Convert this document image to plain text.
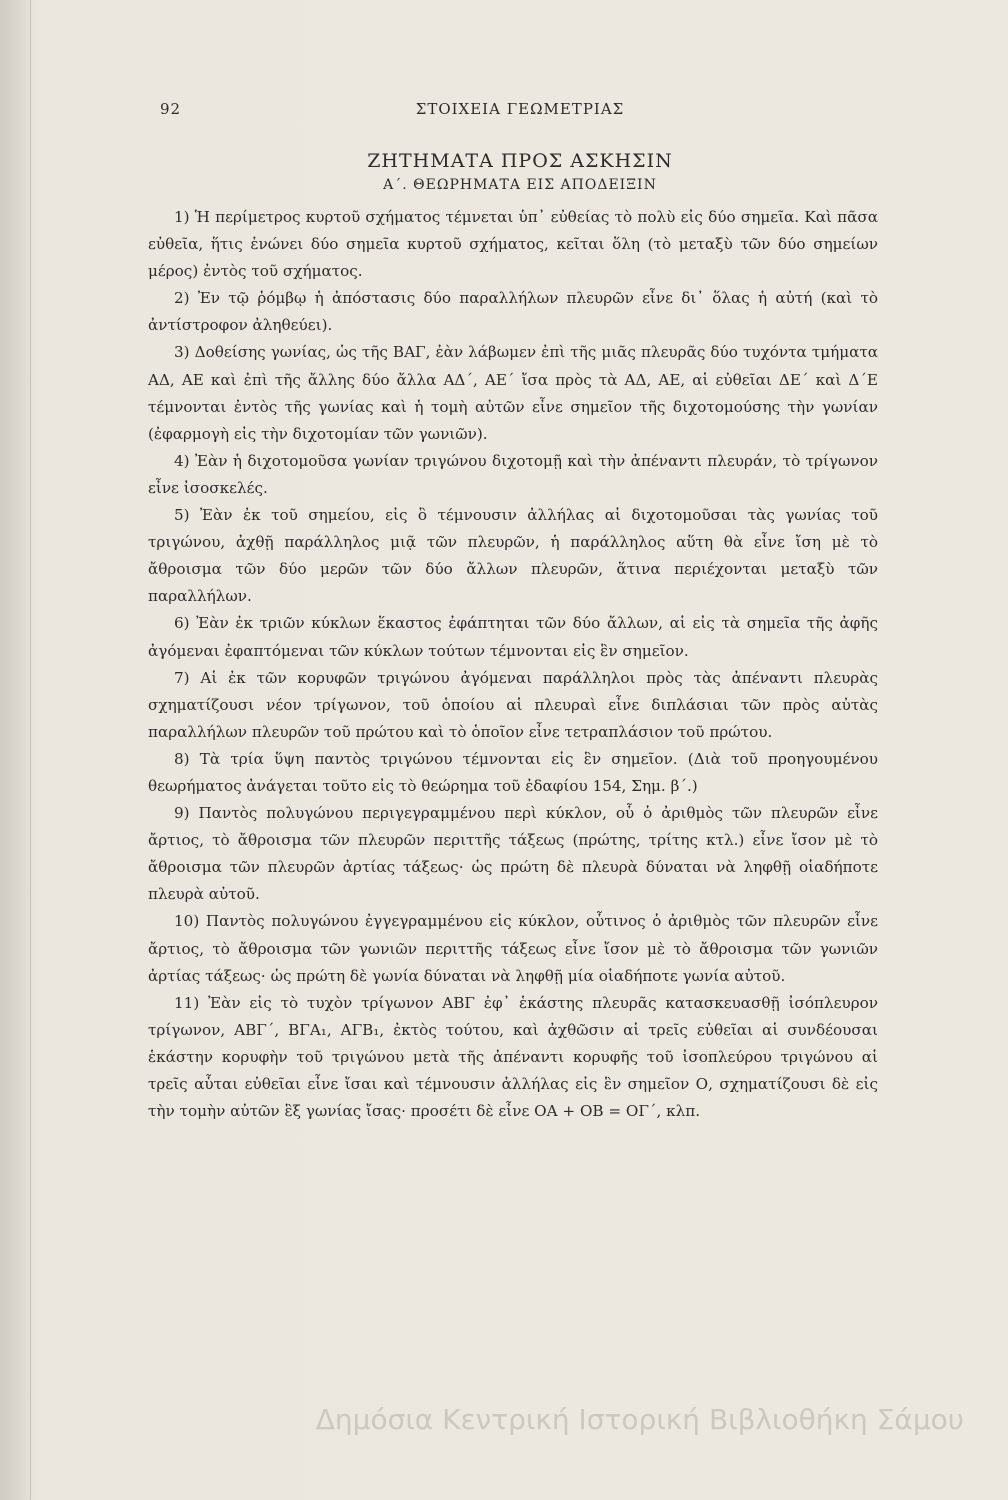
92	ΣΤΟΙΧΕΙΑ ΓΕΩΜΕΤΡΙΑΣ
ΖΗΤΗΜΑΤΑ ΠΡΟΣ ΑΣΚΗΣΙΝ
Α΄. ΘΕΩΡΗΜΑΤΑ ΕΙΣ ΑΠΟΔΕΙΞΙΝ

1) Ἡ περίμετρος κυρτοῦ σχήματος τέμνεται ὑπ᾿ εὐθείας τὸ πολὺ εἰς δύο σημεῖα. Καὶ πᾶσα εὐθεῖα, ἥτις ἑνώνει δύο σημεῖα κυρτοῦ σχήματος, κεῖται ὅλη (τὸ μεταξὺ τῶν δύο σημείων μέρος) ἐντὸς τοῦ σχήματος.

2) Ἐν τῷ ῥόμβῳ ἡ ἀπόστασις δύο παραλλήλων πλευρῶν εἶνε δι᾿ ὅλας ἡ αὐτή (καὶ τὸ ἀντίστροφον ἀληθεύει).

3) Δοθείσης γωνίας, ὡς τῆς ΒΑΓ, ἐὰν λάβωμεν ἐπὶ τῆς μιᾶς πλευρᾶς δύο τυχόντα τμήματα ΑΔ, ΑΕ καὶ ἐπὶ τῆς ἄλλης δύο ἄλλα ΑΔ΄, ΑΕ΄ ἴσα πρὸς τὰ ΑΔ, ΑΕ, αἱ εὐθεῖαι ΔΕ΄ καὶ Δ΄Ε τέμνονται ἐντὸς τῆς γωνίας καὶ ἡ τομὴ αὐτῶν εἶνε σημεῖον τῆς διχοτομούσης τὴν γωνίαν (ἐφαρμογὴ εἰς τὴν διχοτομίαν τῶν γωνιῶν).

4) Ἐὰν ἡ διχοτομοῦσα γωνίαν τριγώνου διχοτομῇ καὶ τὴν ἀπέναντι πλευράν, τὸ τρίγωνον εἶνε ἰσοσκελές.

5) Ἐὰν ἐκ τοῦ σημείου, εἰς ὃ τέμνουσιν ἀλλήλας αἱ διχοτομοῦσαι τὰς γωνίας τοῦ τριγώνου, ἀχθῇ παράλληλος μιᾷ τῶν πλευρῶν, ἡ παράλληλος αὕτη θὰ εἶνε ἴση μὲ τὸ ἄθροισμα τῶν δύο μερῶν τῶν δύο ἄλλων πλευρῶν, ἅτινα περιέχονται μεταξὺ τῶν παραλλήλων.

6) Ἐὰν ἐκ τριῶν κύκλων ἕκαστος ἐφάπτηται τῶν δύο ἄλλων, αἱ εἰς τὰ σημεῖα τῆς ἀφῆς ἀγόμεναι ἐφαπτόμεναι τῶν κύκλων τούτων τέμνονται εἰς ἓν σημεῖον.

7) Αἱ ἐκ τῶν κορυφῶν τριγώνου ἀγόμεναι παράλληλοι πρὸς τὰς ἀπέναντι πλευρὰς σχηματίζουσι νέον τρίγωνον, τοῦ ὁποίου αἱ πλευραὶ εἶνε διπλάσιαι τῶν πρὸς αὐτὰς παραλλήλων πλευρῶν τοῦ πρώτου καὶ τὸ ὁποῖον εἶνε τετραπλάσιον τοῦ πρώτου.

8) Τὰ τρία ὕψη παντὸς τριγώνου τέμνονται εἰς ἓν σημεῖον. (Διὰ τοῦ προηγουμένου θεωρήματος ἀνάγεται τοῦτο εἰς τὸ θεώρημα τοῦ ἐδαφίου 154, Σημ. β΄.)

9) Παντὸς πολυγώνου περιγεγραμμένου περὶ κύκλον, οὗ ὁ ἀριθμὸς τῶν πλευρῶν εἶνε ἄρτιος, τὸ ἄθροισμα τῶν πλευρῶν περιττῆς τάξεως (πρώτης, τρίτης κτλ.) εἶνε ἴσον μὲ τὸ ἄθροισμα τῶν πλευρῶν ἀρτίας τάξεως· ὡς πρώτη δὲ πλευρὰ δύναται νὰ ληφθῇ οἱαδήποτε πλευρὰ αὐτοῦ.

10) Παντὸς πολυγώνου ἐγγεγραμμένου εἰς κύκλον, οὗτινος ὁ ἀριθμὸς τῶν πλευρῶν εἶνε ἄρτιος, τὸ ἄθροισμα τῶν γωνιῶν περιττῆς τάξεως εἶνε ἴσον μὲ τὸ ἄθροισμα τῶν γωνιῶν ἀρτίας τάξεως· ὡς πρώτη δὲ γωνία δύναται νὰ ληφθῇ μία οἱαδήποτε γωνία αὐτοῦ.

11) Ἐὰν εἰς τὸ τυχὸν τρίγωνον ΑΒΓ ἐφ᾿ ἑκάστης πλευρᾶς κατασκευασθῇ ἰσόπλευρον τρίγωνον, ΑΒΓ΄, ΒΓΑ₁, ΑΓΒ₁, ἐκτὸς τούτου, καὶ ἀχθῶσιν αἱ τρεῖς εὐθεῖαι αἱ συνδέουσαι ἑκάστην κορυφὴν τοῦ τριγώνου μετὰ τῆς ἀπέναντι κορυφῆς τοῦ ἰσοπλεύρου τριγώνου αἱ τρεῖς αὗται εὐθεῖαι εἶνε ἴσαι καὶ τέμνουσιν ἀλλήλας εἰς ἓν σημεῖον Ο, σχηματίζουσι δὲ εἰς τὴν τομὴν αὐτῶν ἓξ γωνίας ἴσας· προσέτι δὲ εἶνε ΟΑ + ΟΒ = ΟΓ΄, κλπ.

Δημόσια Κεντρική Ιστορική Βιβλιοθήκη Σάμου
